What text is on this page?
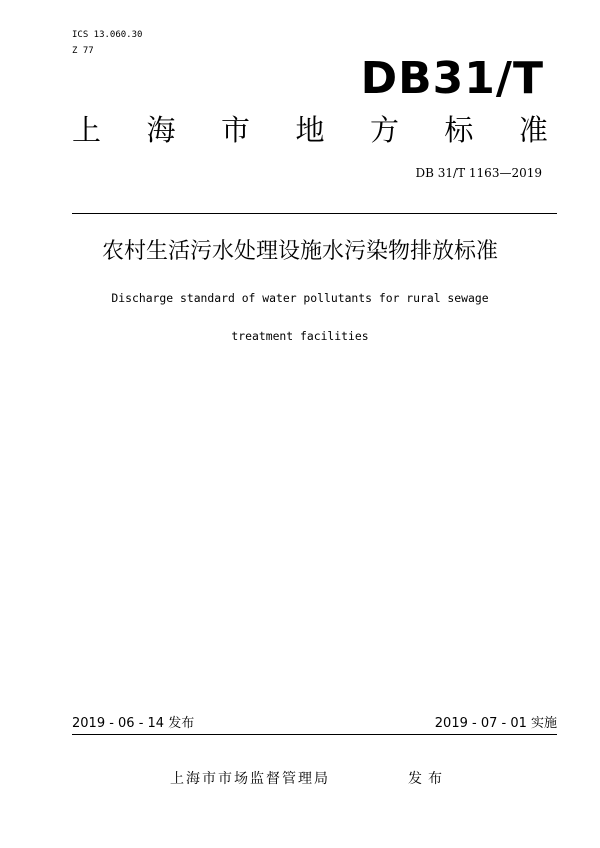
ICS 13.060.30
Z 77
DB31/T
上 海 市 地 方 标 准
DB 31/T 1163—2019
农村生活污水处理设施水污染物排放标准
Discharge standard of water pollutants for rural sewage
treatment facilities
2019 - 06 - 14 发布	2019 - 07 - 01 实施
上海市市场监督管理局	发布
